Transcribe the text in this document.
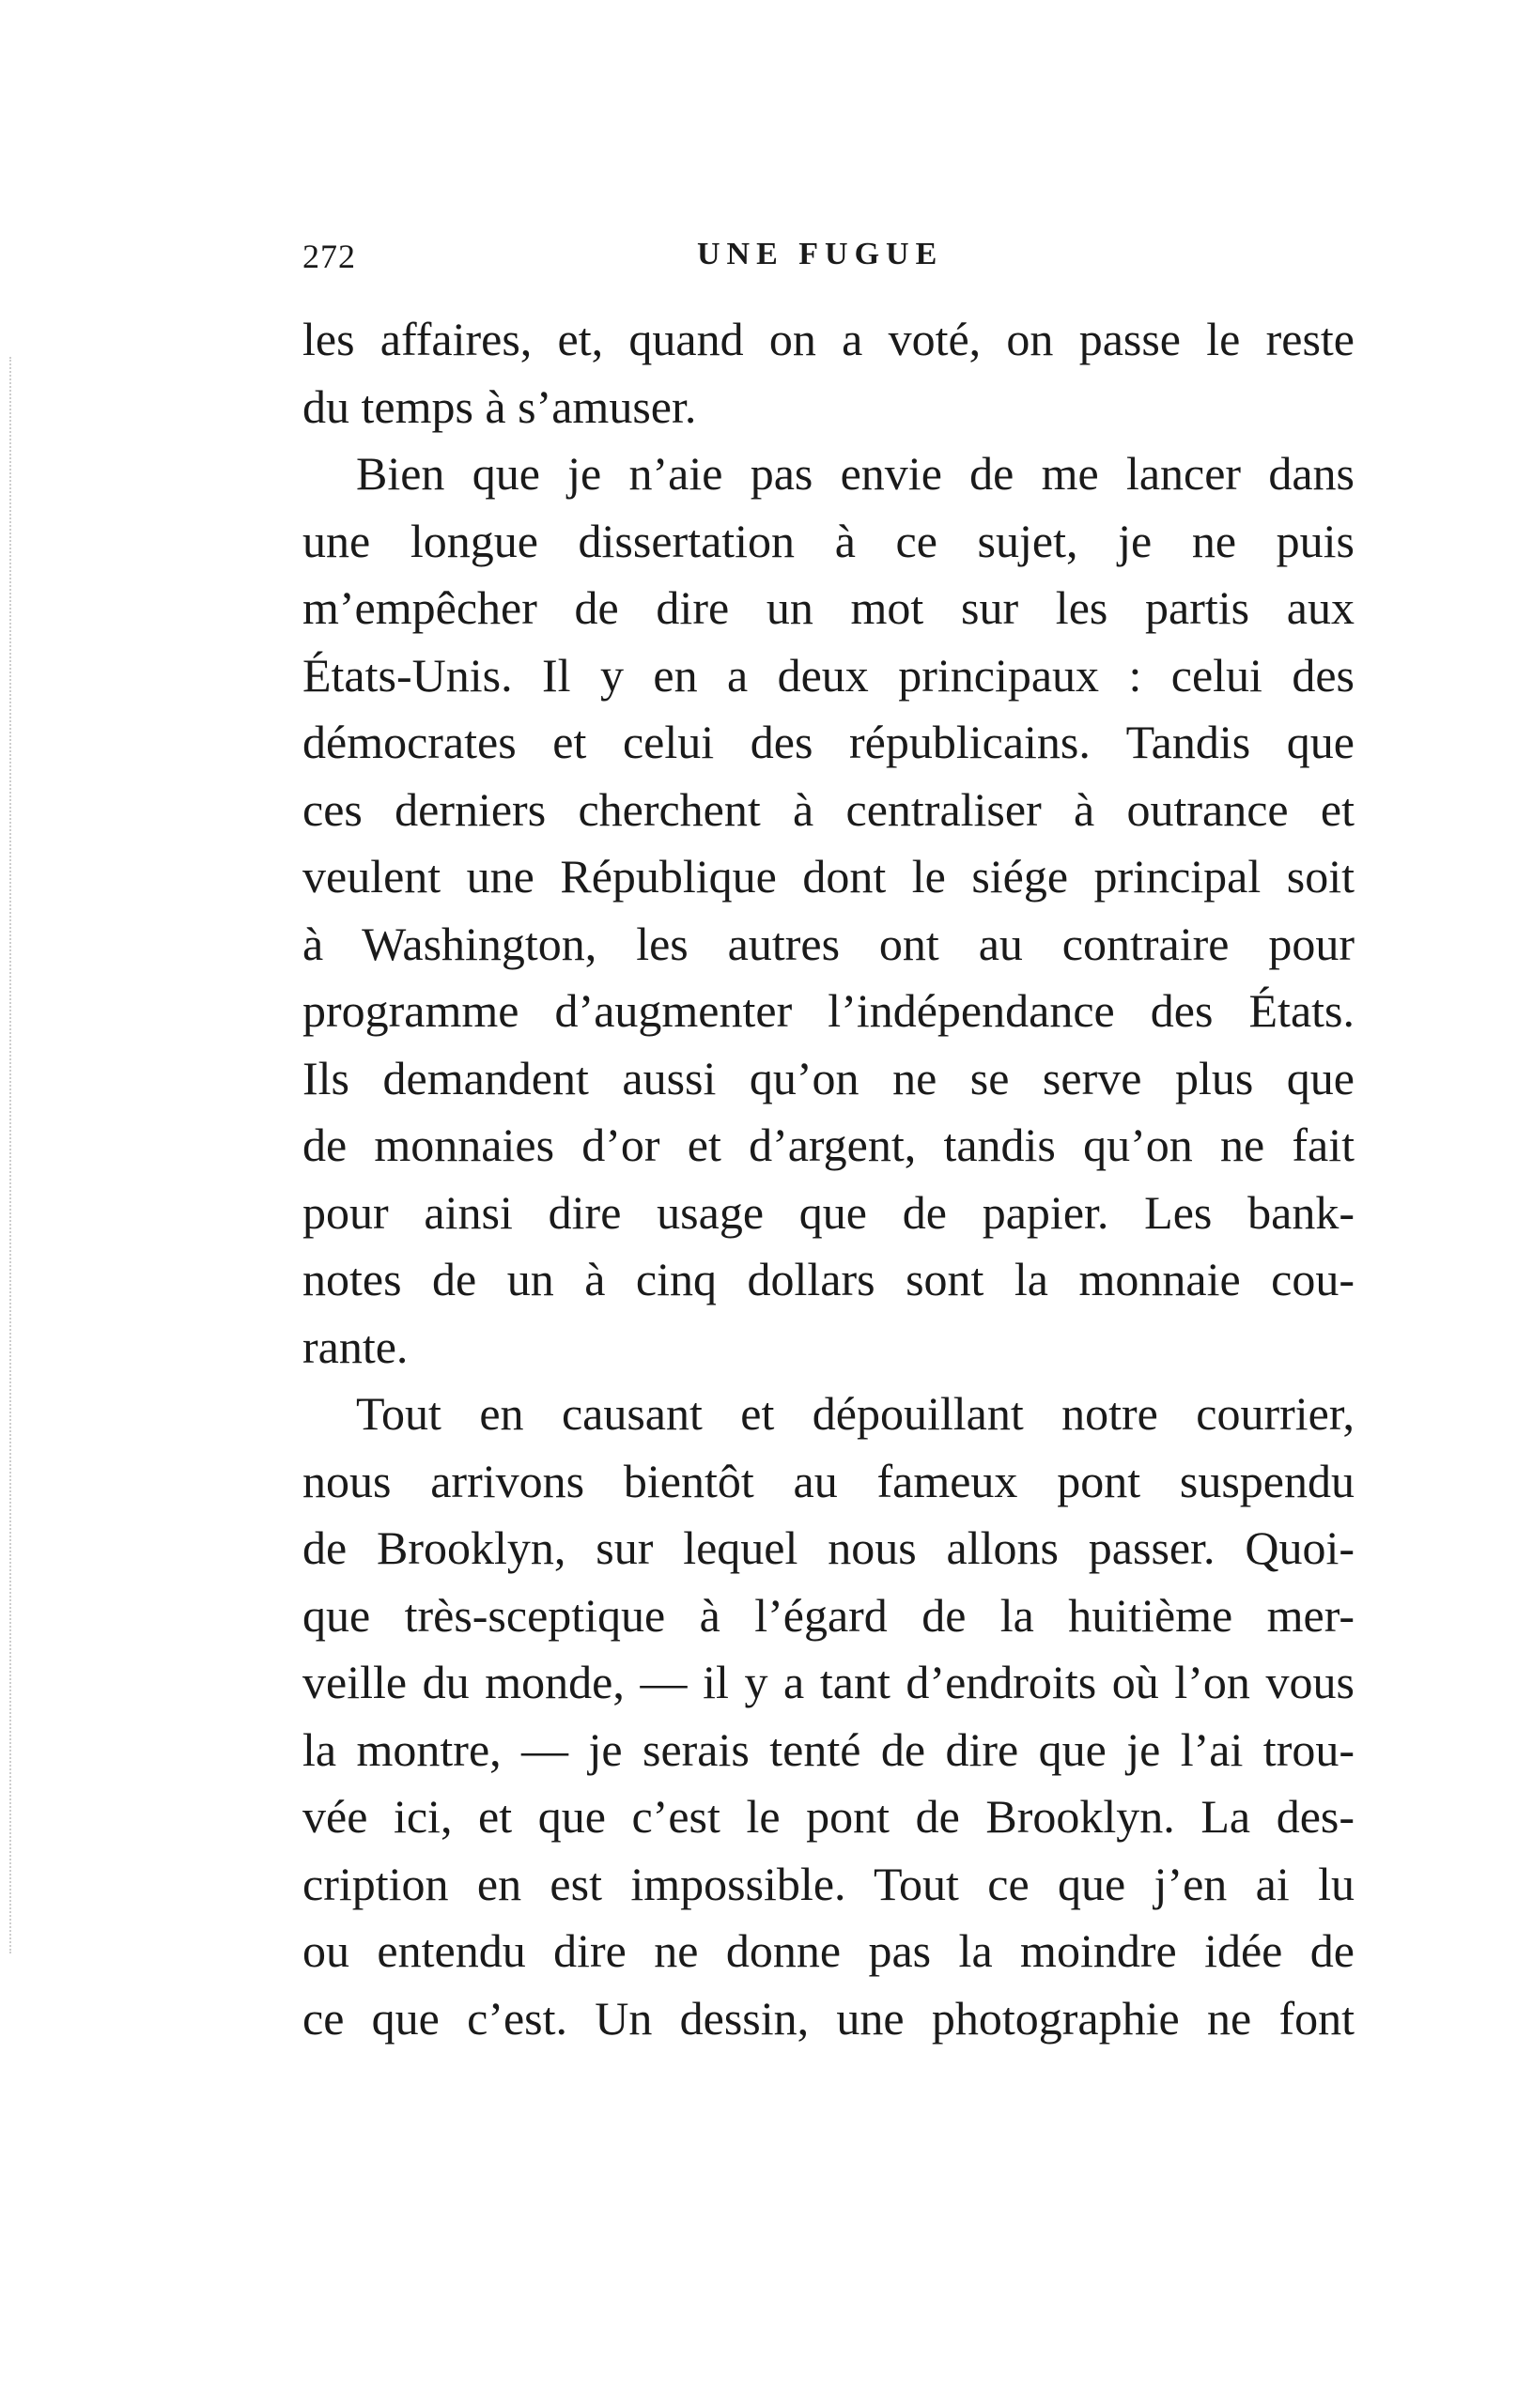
272	UNE FUGUE
les affaires, et, quand on a voté, on passe le reste
du temps à s’amuser.
Bien que je n’aie pas envie de me lancer dans
une longue dissertation à ce sujet, je ne puis
m’empêcher de dire un mot sur les partis aux
États-Unis. Il y en a deux principaux : celui des
démocrates et celui des républicains. Tandis que
ces derniers cherchent à centraliser à outrance et
veulent une République dont le siége principal soit
à Washington, les autres ont au contraire pour
programme d’augmenter l’indépendance des États.
Ils demandent aussi qu’on ne se serve plus que
de monnaies d’or et d’argent, tandis qu’on ne fait
pour ainsi dire usage que de papier. Les bank-
notes de un à cinq dollars sont la monnaie cou-
rante.
Tout en causant et dépouillant notre courrier,
nous arrivons bientôt au fameux pont suspendu
de Brooklyn, sur lequel nous allons passer. Quoi-
que très-sceptique à l’égard de la huitième mer-
veille du monde, — il y a tant d’endroits où l’on vous
la montre, — je serais tenté de dire que je l’ai trou-
vée ici, et que c’est le pont de Brooklyn. La des-
cription en est impossible. Tout ce que j’en ai lu
ou entendu dire ne donne pas la moindre idée de
ce que c’est. Un dessin, une photographie ne font
